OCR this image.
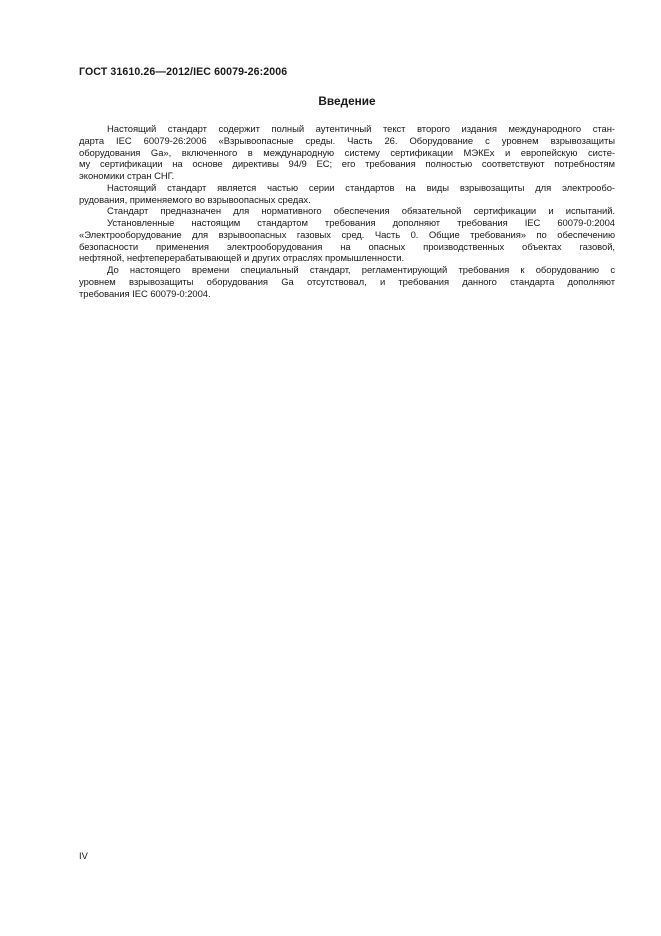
ГОСТ 31610.26—2012/IEC 60079-26:2006
Введение
Настоящий стандарт содержит полный аутентичный текст второго издания международного стан-
дарта IEC 60079-26:2006 «Взрывоопасные среды. Часть 26. Оборудование с уровнем взрывозащиты
оборудования Ga», включенного в международную систему сертификации МЭКЕх и европейскую систе-
му сертификации на основе директивы 94/9 ЕС; его требования полностью соответствуют потребностям
экономики стран СНГ.
Настоящий стандарт является частью серии стандартов на виды взрывозащиты для электрообо-
рудования, применяемого во взрывоопасных средах.
Стандарт предназначен для нормативного обеспечения обязательной сертификации и испытаний.
Установленные настоящим стандартом требования дополняют требования IEC 60079-0:2004
«Электрооборудование для взрывоопасных газовых сред. Часть 0. Общие требования» по обеспечению
безопасности применения электрооборудования на опасных производственных объектах газовой,
нефтяной, нефтеперерабатывающей и других отраслях промышленности.
До настоящего времени специальный стандарт, регламентирующий требования к оборудованию с
уровнем взрывозащиты оборудования Ga отсутствовал, и требования данного стандарта дополняют
требования IEC 60079-0:2004.
IV
